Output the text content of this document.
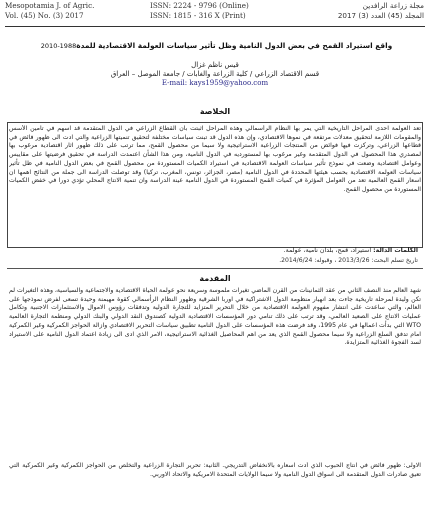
Mesopotamia J. of Agric.
Vol. (45) No. (3) 2017
ISSN: 2224 - 9796 (Online)
ISSN: 1815 - 316 X (Print)
مجلة زراعة الرافدين
المجلد (45) العدد (3) 2017
واقع استيراد القمح في بعض الدول النامية وظل تأثير سياسات العولمة الاقتصادية للمدة2010-1988
قيس ناظم غزال
قسم الاقتصاد الزراعي / كلية الزراعة والغابات / جامعة الموصل – العراق
E-mail: kays1959@yahoo.com
الخلاصة

تعد العولمة احدى المراحل التاريخية التي يمر بها النظام الرأسمالي وهذه المراحل اثبتت بأن القطاع الزراعي في الدول المتقدمة قد اسهم في تأمين الأسس والمقومات اللازمة لتحقيق معدلات مرتفعة في نموها الاقتصادي، وإن هذه الدول قد تبنت سياسات مختلفة لتحقيق تنميتها الزراعية والتي ادت الى ظهور فائض في قطاعها الزراعي، وتركزت فيها فوائض من المنتجات الزراعية الاستراتيجية ولا سيما من محصول القمح، مما ترتب على ذلك ظهور اثار اقتصادية مرغوب بها لمصدري هذا المحصول في الدول المتقدمة وغير مرغوب بها لمستورديه في الدول النامية، ومن هذا الشأن اعتمدت الدراسة في تحقيق فرضيتها على مقاييس وعوامل اقتصادية وضعت في نموذج تأثير سياسات العولمة الاقتصادية في استيراد الكميات المستوردة من محصول القمح في بعض الدول النامية في ظل تأثير سياسات العولمة الاقتصادية بحسب هيئتها المحددة في الدول النامية (مصر، الجزائر، تونس، المغرب، تركيا) وقد توصلت الدراسة الى جملة من النتائج اهمها ان اسعار القمح العالمية تعد من العوامل المؤثرة في كميات القمح المستوردة في الدول النامية عينة الدراسة وان تنمية الانتاج المحلي تؤدي دورا في خفض الكميات المستوردة من محصول القمح.

الكلمات الدالة: استيراد، قمح، بلدان نامية، عولمة.
تاريخ تسلم البحث: 2013/3/26 ، وقبوله: 2014/6/24.
المقدمة

شهد العالم منذ النصف الثاني من عقد الثمانينات من القرن الماضي تغيرات ملموسة وسريعة نحو عولمة الحياة الاقتصادية والاجتماعية والسياسية، وهذه التغيرات لم تكن وليدة لمرحلة تاريخية جاءت بعد انهيار منظومة الدول الاشتراكية في اوربا الشرقية وظهور النظام الرأسمالي كقوة مهيمنة وحيدة تسعى لفرض نموذجها على العالم، والتي ساعدت على انتشار مفهوم العولمة الاقتصادية من خلال التحرير المتزايد للتجارة الدولية وتدفقات رؤوس الاموال والاستثمارات الاجنبية وتكامل عمليات الانتاج على الصعيد العالمي، وقد ترتب على ذلك تنامي دور المؤسسات الاقتصادية الدولية كصندوق النقد الدولي والبنك الدولي ومنظمة التجارة العالمية WTO التي بدأت اعمالها في عام 1995، وقد فرضت هذه المؤسسات على الدول النامية تطبيق سياسات التحرير الاقتصادي وازالة الحواجز الكمركية وغير الكمركية امام تدفق السلع الزراعية ولا سيما محصول القمح الذي يعد من اهم المحاصيل الغذائية الاستراتيجية، الامر الذي ادى الى زيادة اعتماد الدول النامية على الاستيراد لسد الفجوة الغذائية المتزايدة.

الاولى: ظهور فائض في انتاج الحبوب الذي أدت اسعاره بالانخفاض التدريجي. الثانية: تحرير التجارة الزراعية والتخلص من الحواجز الكمركية وغير الكمركية التي تعيق صادرات الدول المتقدمة الى اسواق الدول النامية ولا سيما الولايات المتحدة الامريكية والاتحاد الاوربي.
